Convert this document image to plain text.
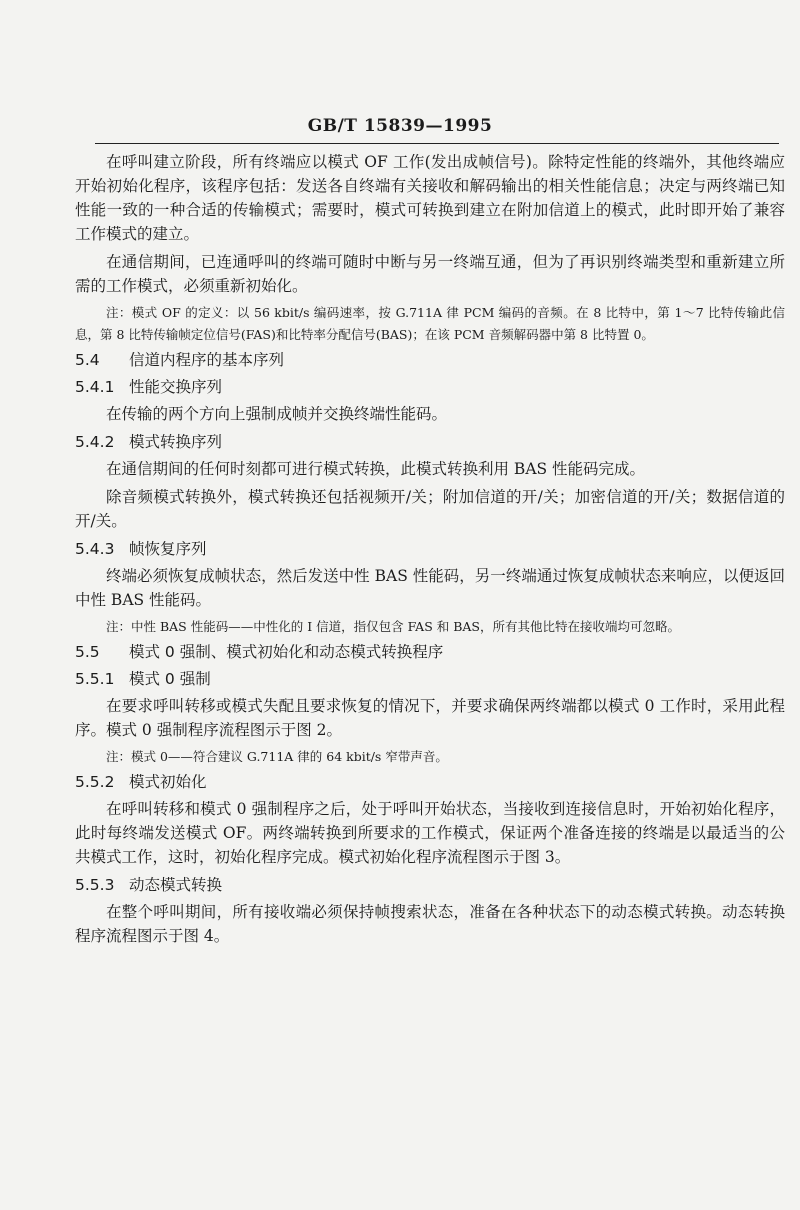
GB/T 15839—1995

在呼叫建立阶段，所有终端应以模式 OF 工作(发出成帧信号)。除特定性能的终端外，其他终端应开始初始化程序，该程序包括：发送各自终端有关接收和解码输出的相关性能信息；决定与两终端已知性能一致的一种合适的传输模式；需要时，模式可转换到建立在附加信道上的模式，此时即开始了兼容工作模式的建立。

在通信期间，已连通呼叫的终端可随时中断与另一终端互通，但为了再识别终端类型和重新建立所需的工作模式，必须重新初始化。

注：模式 OF 的定义：以 56 kbit/s 编码速率，按 G.711A 律 PCM 编码的音频。在 8 比特中，第 1～7 比特传输此信息，第 8 比特传输帧定位信号(FAS)和比特率分配信号(BAS)；在该 PCM 音频解码器中第 8 比特置 0。

5.4 信道内程序的基本序列
5.4.1 性能交换序列

在传输的两个方向上强制成帧并交换终端性能码。

5.4.2 模式转换序列

在通信期间的任何时刻都可进行模式转换，此模式转换利用 BAS 性能码完成。

除音频模式转换外，模式转换还包括视频开/关；附加信道的开/关；加密信道的开/关；数据信道的开/关。

5.4.3 帧恢复序列

终端必须恢复成帧状态，然后发送中性 BAS 性能码，另一终端通过恢复成帧状态来响应，以便返回中性 BAS 性能码。

注：中性 BAS 性能码——中性化的 I 信道，指仅包含 FAS 和 BAS，所有其他比特在接收端均可忽略。

5.5 模式 0 强制、模式初始化和动态模式转换程序
5.5.1 模式 0 强制

在要求呼叫转移或模式失配且要求恢复的情况下，并要求确保两终端都以模式 0 工作时，采用此程序。模式 0 强制程序流程图示于图 2。

注：模式 0——符合建议 G.711A 律的 64 kbit/s 窄带声音。

5.5.2 模式初始化

在呼叫转移和模式 0 强制程序之后，处于呼叫开始状态，当接收到连接信息时，开始初始化程序，此时每终端发送模式 OF。两终端转换到所要求的工作模式，保证两个准备连接的终端是以最适当的公共模式工作，这时，初始化程序完成。模式初始化程序流程图示于图 3。

5.5.3 动态模式转换

在整个呼叫期间，所有接收端必须保持帧搜索状态，准备在各种状态下的动态模式转换。动态转换程序流程图示于图 4。
